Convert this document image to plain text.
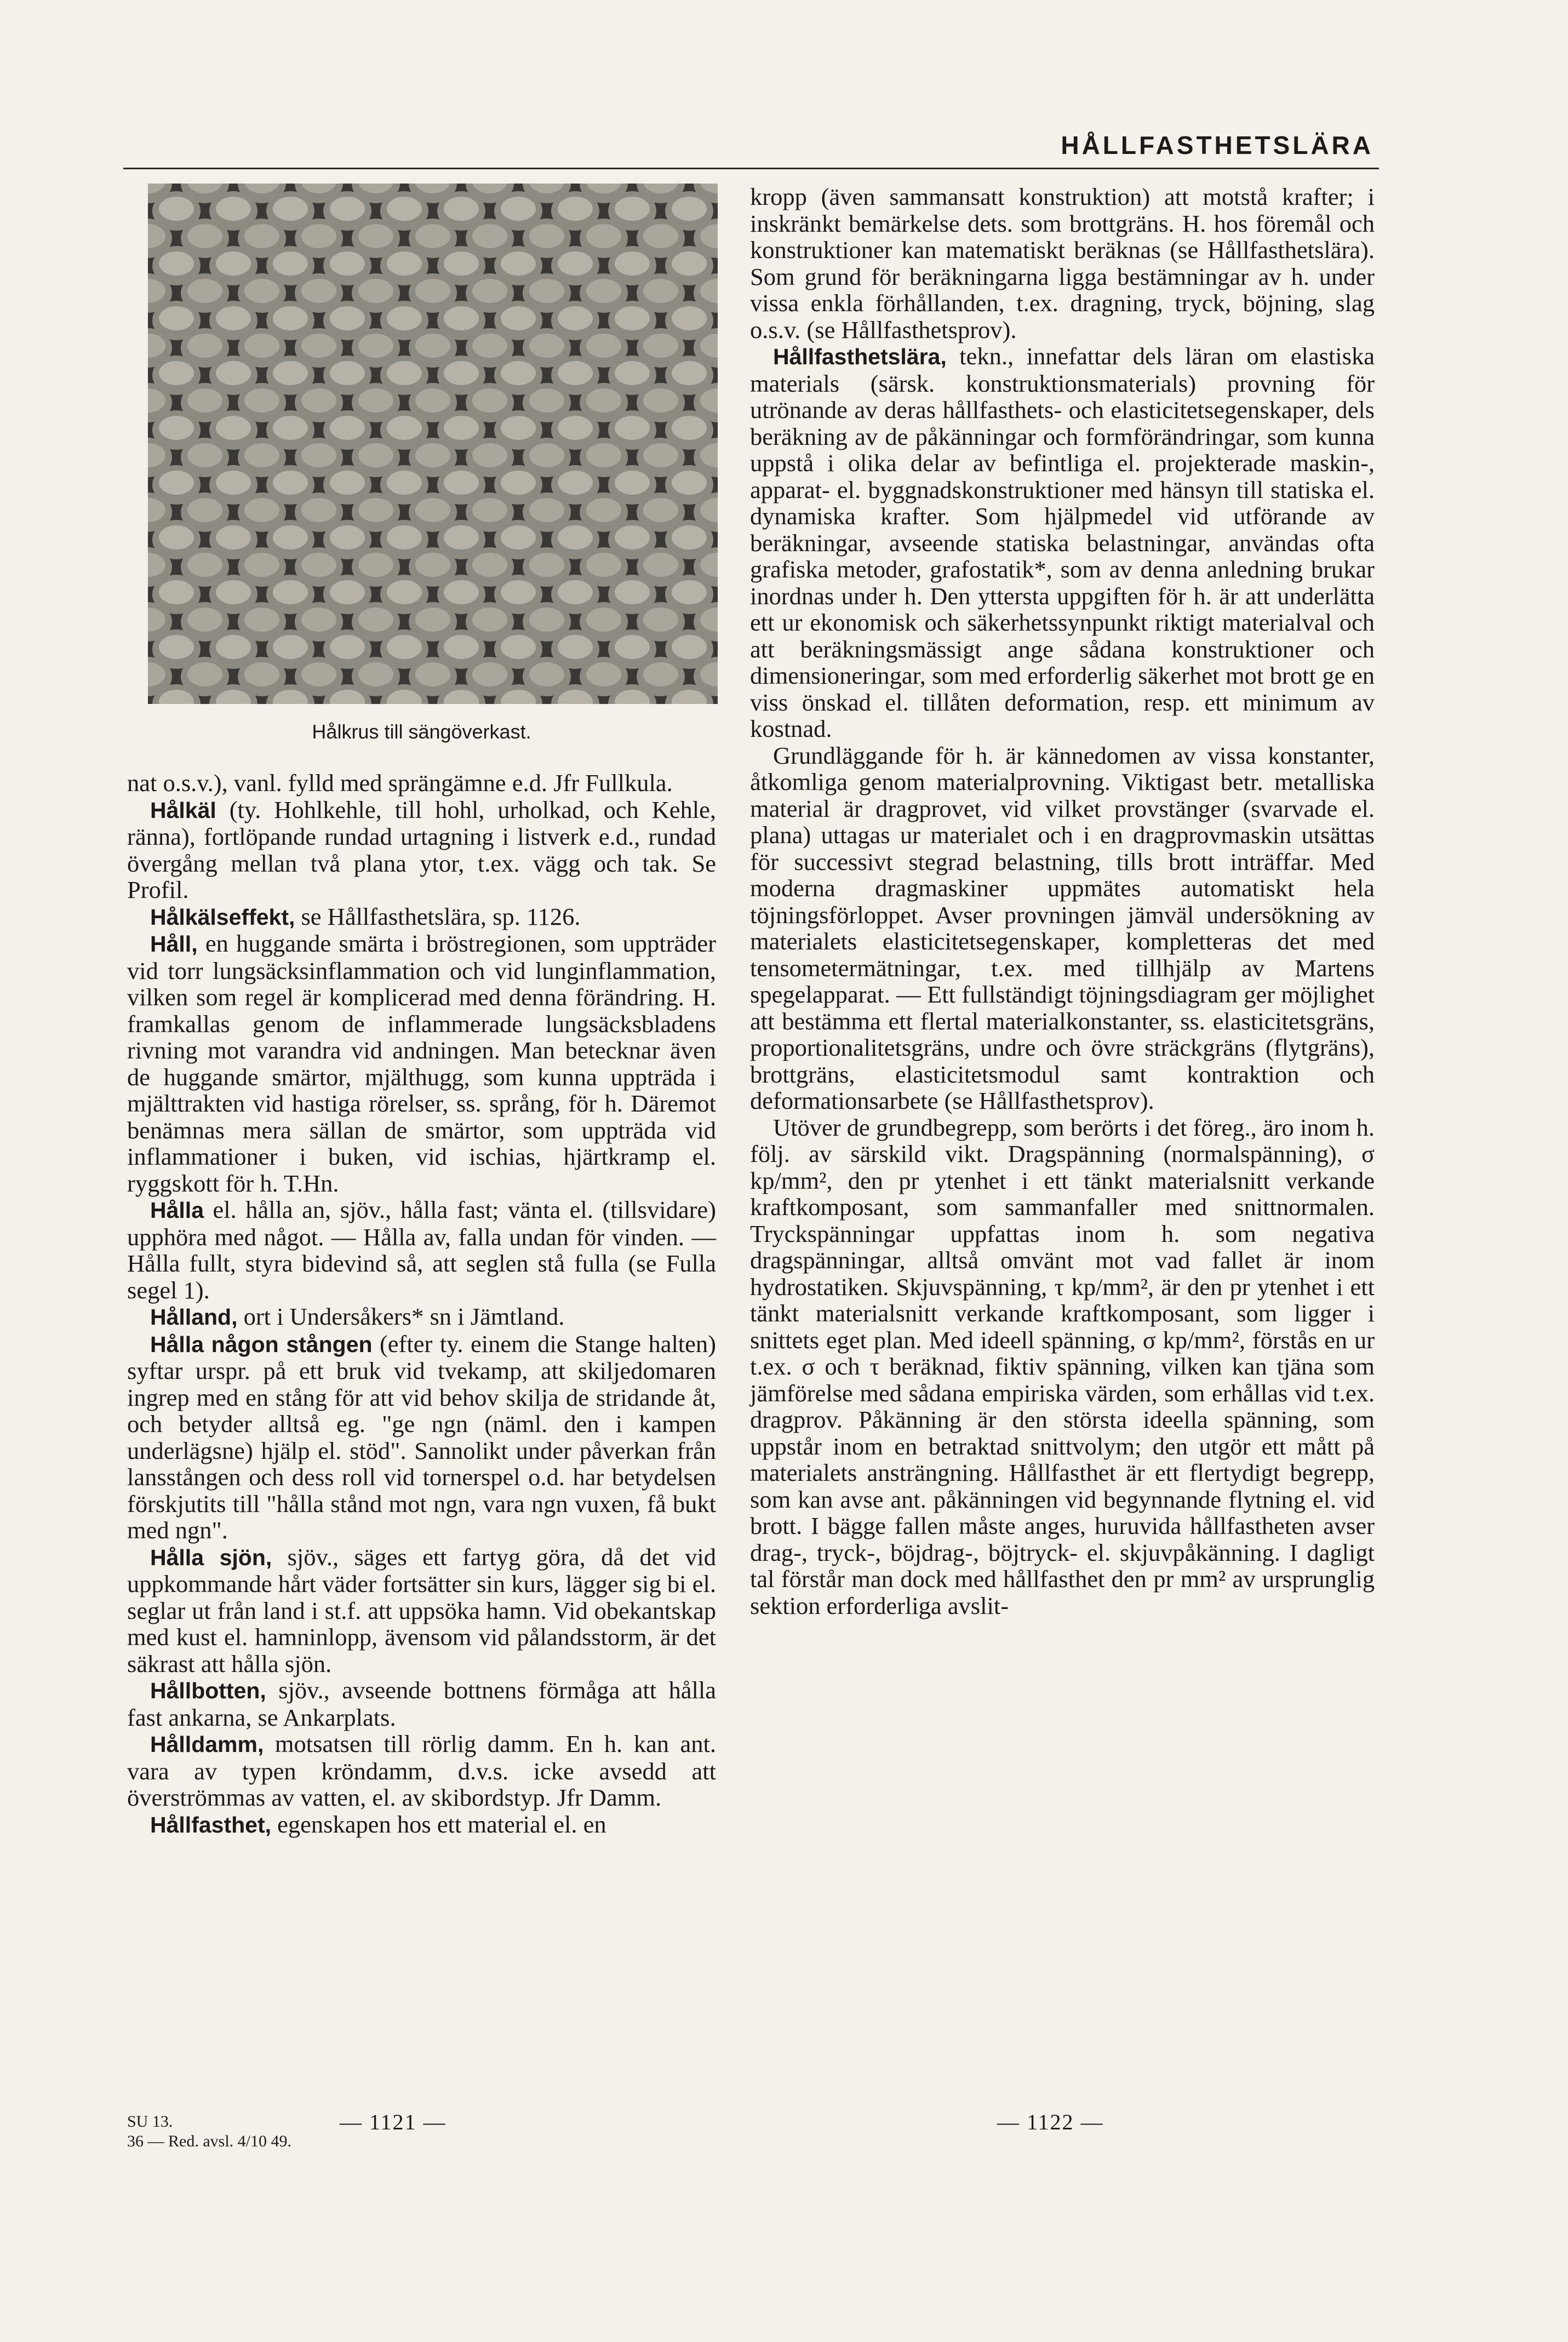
HÅLLFASTHETSLÄRA
Hålkrus till sängöverkast.

nat o.s.v.), vanl. fylld med sprängämne e.d. Jfr Fullkula.

Hålkäl (ty. Hohlkehle, till hohl, urholkad, och Kehle, ränna), fortlöpande rundad urtagning i listverk e.d., rundad övergång mellan två plana ytor, t.ex. vägg och tak. Se Profil.

Hålkälseffekt, se Hållfasthetslära, sp. 1126.

Håll, en huggande smärta i bröstregionen, som uppträder vid torr lungsäcksinflammation och vid lunginflammation, vilken som regel är komplicerad med denna förändring. H. framkallas genom de inflammerade lungsäcksbladens rivning mot varandra vid andningen. Man betecknar även de huggande smärtor, mjälthugg, som kunna uppträda i mjälttrakten vid hastiga rörelser, ss. språng, för h. Däremot benämnas mera sällan de smärtor, som uppträda vid inflammationer i buken, vid ischias, hjärtkramp el. ryggskott för h. T.Hn.

Hålla el. hålla an, sjöv., hålla fast; vänta el. (tillsvidare) upphöra med något. — Hålla av, falla undan för vinden. — Hålla fullt, styra bidevind så, att seglen stå fulla (se Fulla segel 1).

Hålland, ort i Undersåkers* sn i Jämtland.

Hålla någon stången (efter ty. einem die Stange halten) syftar urspr. på ett bruk vid tvekamp, att skiljedomaren ingrep med en stång för att vid behov skilja de stridande åt, och betyder alltså eg. "ge ngn (näml. den i kampen underlägsne) hjälp el. stöd". Sannolikt under påverkan från lansstången och dess roll vid tornerspel o.d. har betydelsen förskjutits till "hålla stånd mot ngn, vara ngn vuxen, få bukt med ngn".

Hålla sjön, sjöv., säges ett fartyg göra, då det vid uppkommande hårt väder fortsätter sin kurs, lägger sig bi el. seglar ut från land i st.f. att uppsöka hamn. Vid obekantskap med kust el. hamninlopp, ävensom vid pålandsstorm, är det säkrast att hålla sjön.

Hållbotten, sjöv., avseende bottnens förmåga att hålla fast ankarna, se Ankarplats.

Hålldamm, motsatsen till rörlig damm. En h. kan ant. vara av typen kröndamm, d.v.s. icke avsedd att överströmmas av vatten, el. av skibordstyp. Jfr Damm.

Hållfasthet, egenskapen hos ett material el. en

kropp (även sammansatt konstruktion) att motstå krafter; i inskränkt bemärkelse dets. som brottgräns. H. hos föremål och konstruktioner kan matematiskt beräknas (se Hållfasthetslära). Som grund för beräkningarna ligga bestämningar av h. under vissa enkla förhållanden, t.ex. dragning, tryck, böjning, slag o.s.v. (se Hållfasthetsprov).

Hållfasthetslära, tekn., innefattar dels läran om elastiska materials (särsk. konstruktionsmaterials) provning för utrönande av deras hållfasthets- och elasticitetsegenskaper, dels beräkning av de påkänningar och formförändringar, som kunna uppstå i olika delar av befintliga el. projekterade maskin-, apparat- el. byggnadskonstruktioner med hänsyn till statiska el. dynamiska krafter. Som hjälpmedel vid utförande av beräkningar, avseende statiska belastningar, användas ofta grafiska metoder, grafostatik*, som av denna anledning brukar inordnas under h. Den yttersta uppgiften för h. är att underlätta ett ur ekonomisk och säkerhetssynpunkt riktigt materialval och att beräkningsmässigt ange sådana konstruktioner och dimensioneringar, som med erforderlig säkerhet mot brott ge en viss önskad el. tillåten deformation, resp. ett minimum av kostnad.

Grundläggande för h. är kännedomen av vissa konstanter, åtkomliga genom materialprovning. Viktigast betr. metalliska material är dragprovet, vid vilket provstänger (svarvade el. plana) uttagas ur materialet och i en dragprovmaskin utsättas för successivt stegrad belastning, tills brott inträffar. Med moderna dragmaskiner uppmätes automatiskt hela töjningsförloppet. Avser provningen jämväl undersökning av materialets elasticitetsegenskaper, kompletteras det med tensometermätningar, t.ex. med tillhjälp av Martens spegelapparat. — Ett fullständigt töjningsdiagram ger möjlighet att bestämma ett flertal materialkonstanter, ss. elasticitetsgräns, proportionalitetsgräns, undre och övre sträckgräns (flytgräns), brottgräns, elasticitetsmodul samt kontraktion och deformationsarbete (se Hållfasthetsprov).

Utöver de grundbegrepp, som berörts i det föreg., äro inom h. följ. av särskild vikt. Dragspänning (normalspänning), σ kp/mm², den pr ytenhet i ett tänkt materialsnitt verkande kraftkomposant, som sammanfaller med snittnormalen. Tryckspänningar uppfattas inom h. som negativa dragspänningar, alltså omvänt mot vad fallet är inom hydrostatiken. Skjuvspänning, τ kp/mm², är den pr ytenhet i ett tänkt materialsnitt verkande kraftkomposant, som ligger i snittets eget plan. Med ideell spänning, σ kp/mm², förstås en ur t.ex. σ och τ beräknad, fiktiv spänning, vilken kan tjäna som jämförelse med sådana empiriska värden, som erhållas vid t.ex. dragprov. Påkänning är den största ideella spänning, som uppstår inom en betraktad snittvolym; den utgör ett mått på materialets ansträngning. Hållfasthet är ett flertydigt begrepp, som kan avse ant. påkänningen vid begynnande flytning el. vid brott. I bägge fallen måste anges, huruvida hållfastheten avser drag-, tryck-, böjdrag-, böjtryck- el. skjuvpåkänning. I dagligt tal förstår man dock med hållfasthet den pr mm² av ursprunglig sektion erforderliga avslit-

SU 13.
36 — Red. avsl. 4/10 49.
— 1121 —	— 1122 —
